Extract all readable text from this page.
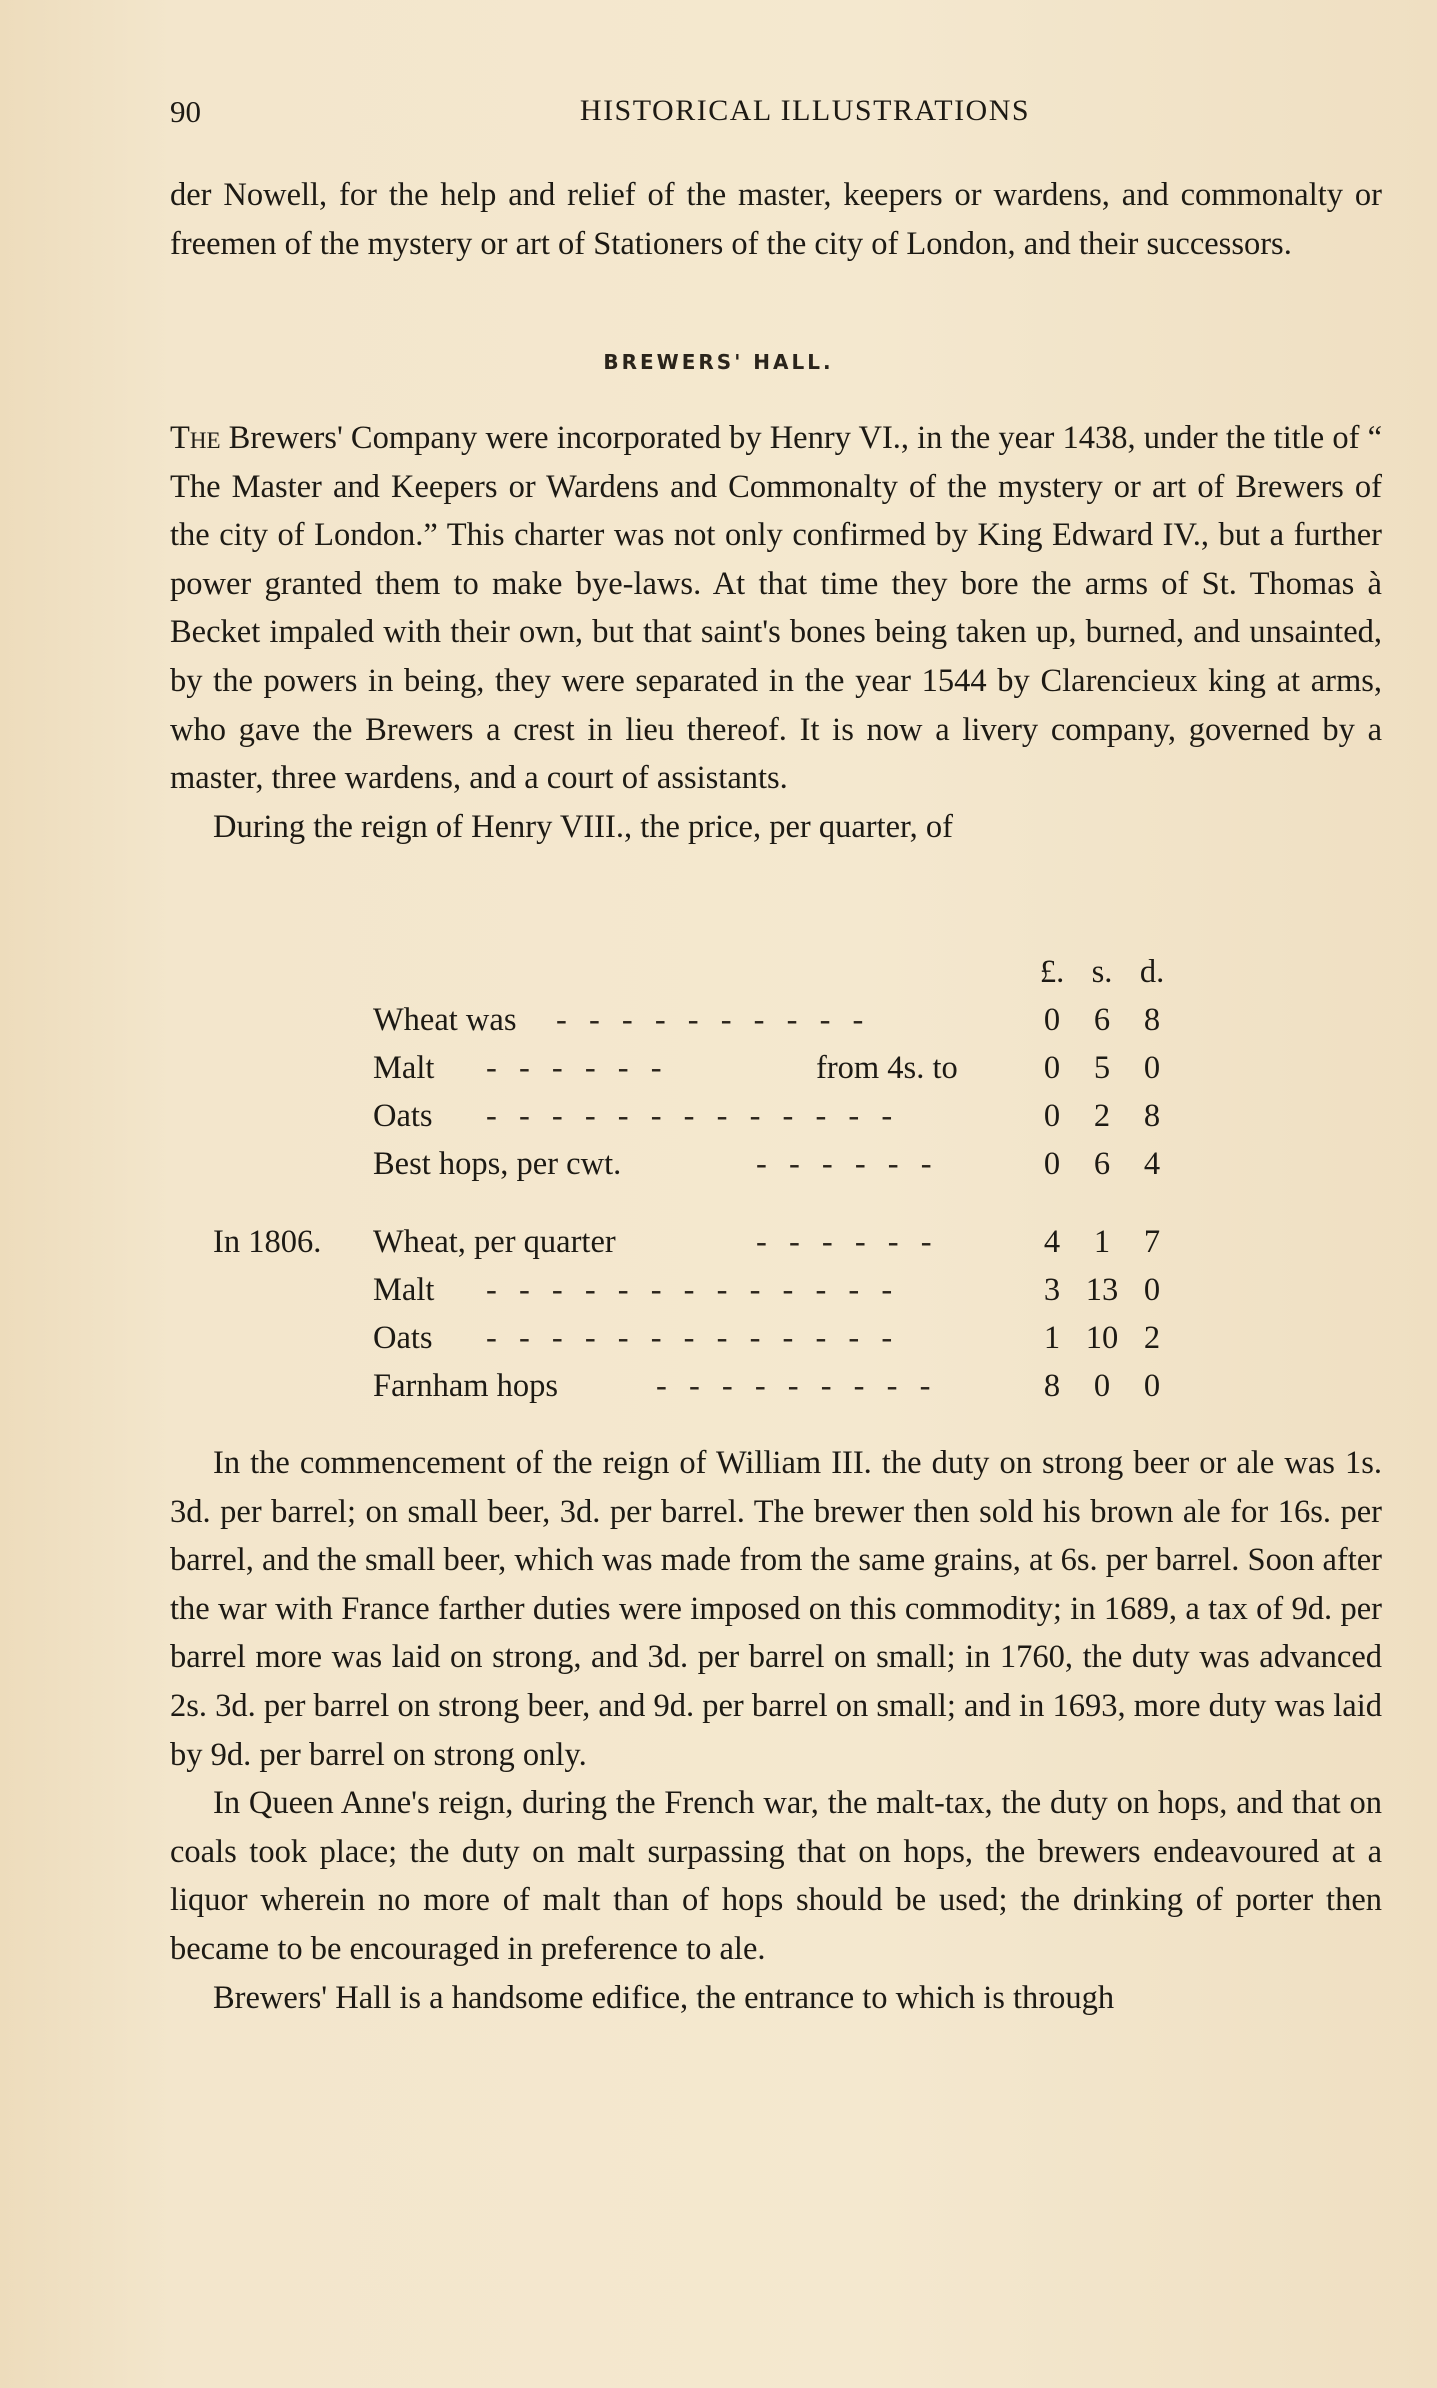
90	HISTORICAL ILLUSTRATIONS

der Nowell, for the help and relief of the master, keepers or wardens, and commonalty or freemen of the mystery or art of Stationers of the city of London, and their successors.

BREWERS' HALL.

The Brewers' Company were incorporated by Henry VI., in the year 1438, under the title of “ The Master and Keepers or Wardens and Commonalty of the mystery or art of Brewers of the city of London.” This charter was not only confirmed by King Edward IV., but a further power granted them to make bye-laws. At that time they bore the arms of St. Thomas à Becket impaled with their own, but that saint's bones being taken up, burned, and unsainted, by the powers in being, they were separated in the year 1544 by Clarencieux king at arms, who gave the Brewers a crest in lieu thereof. It is now a livery company, governed by a master, three wardens, and a court of assistants.

During the reign of Henry VIII., the price, per quarter, of

£. s. d.
Wheat was - - - - - - - - - -	0	6	8
Malt - - - - - -	from 4s. to	0	5	0
Oats - - - - - - - - - - - - -	0	2	8
Best hops, per cwt.	- - - - - -	0	6	4
In 1806. Wheat, per quarter	- - - - - -	4	1	7
Malt - - - - - - - - - - - - -	3 13 0
Oats - - - - - - - - - - - - -	1 10 2
Farnham hops	- - - - - - - - -	8	0	0

In the commencement of the reign of William III. the duty on strong beer or ale was 1s. 3d. per barrel; on small beer, 3d. per barrel. The brewer then sold his brown ale for 16s. per barrel, and the small beer, which was made from the same grains, at 6s. per barrel. Soon after the war with France farther duties were imposed on this commodity; in 1689, a tax of 9d. per barrel more was laid on strong, and 3d. per barrel on small; in 1760, the duty was advanced 2s. 3d. per barrel on strong beer, and 9d. per barrel on small; and in 1693, more duty was laid by 9d. per barrel on strong only.

In Queen Anne's reign, during the French war, the malt-tax, the duty on hops, and that on coals took place; the duty on malt surpassing that on hops, the brewers endeavoured at a liquor wherein no more of malt than of hops should be used; the drinking of porter then became to be encouraged in preference to ale.

Brewers' Hall is a handsome edifice, the entrance to which is through
